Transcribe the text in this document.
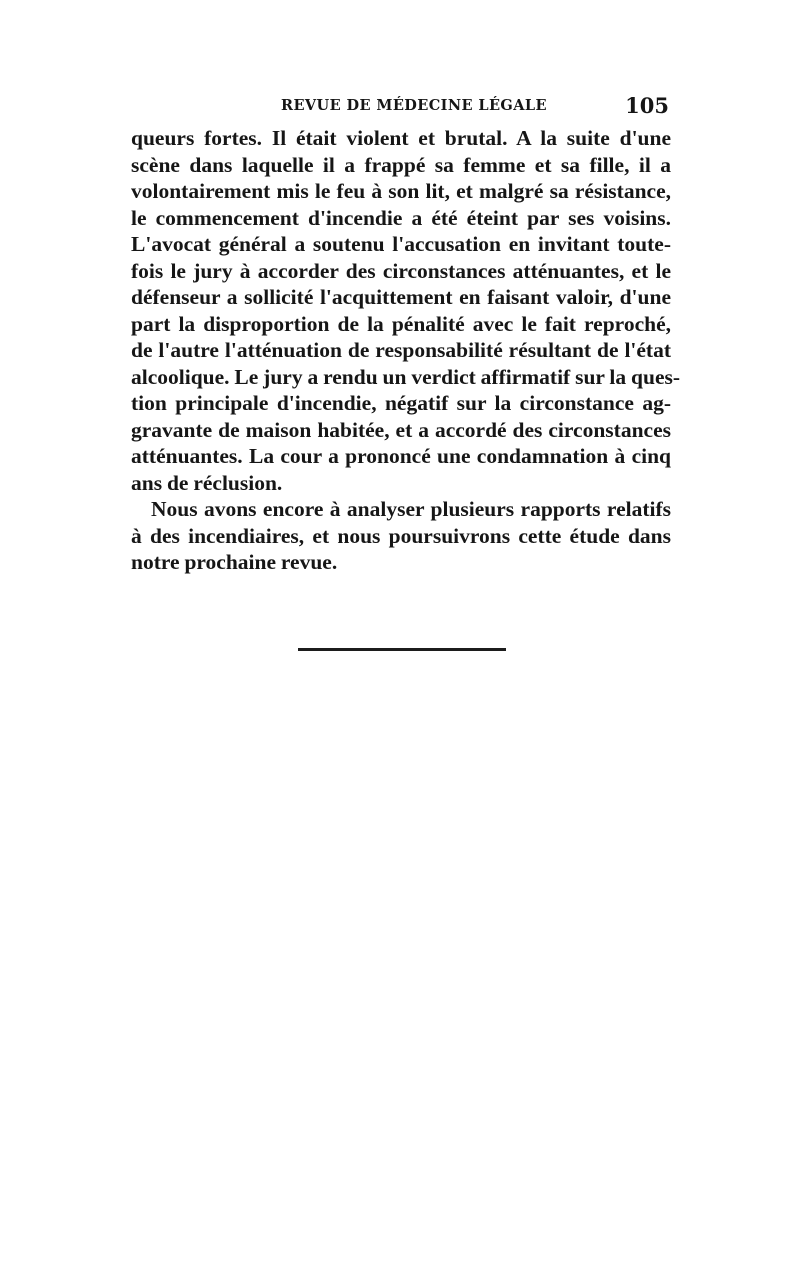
REVUE DE MÉDECINE LÉGALE	105
queurs fortes. Il était violent et brutal. A la suite d'une
scène dans laquelle il a frappé sa femme et sa fille, il a
volontairement mis le feu à son lit, et malgré sa résistance,
le commencement d'incendie a été éteint par ses voisins.
L'avocat général a soutenu l'accusation en invitant toute-
fois le jury à accorder des circonstances atténuantes, et le
défenseur a sollicité l'acquittement en faisant valoir, d'une
part la disproportion de la pénalité avec le fait reproché,
de l'autre l'atténuation de responsabilité résultant de l'état
alcoolique. Le jury a rendu un verdict affirmatif sur la ques-
tion principale d'incendie, négatif sur la circonstance ag-
gravante de maison habitée, et a accordé des circonstances
atténuantes. La cour a prononcé une condamnation à cinq
ans de réclusion.
Nous avons encore à analyser plusieurs rapports relatifs
à des incendiaires, et nous poursuivrons cette étude dans
notre prochaine revue.
